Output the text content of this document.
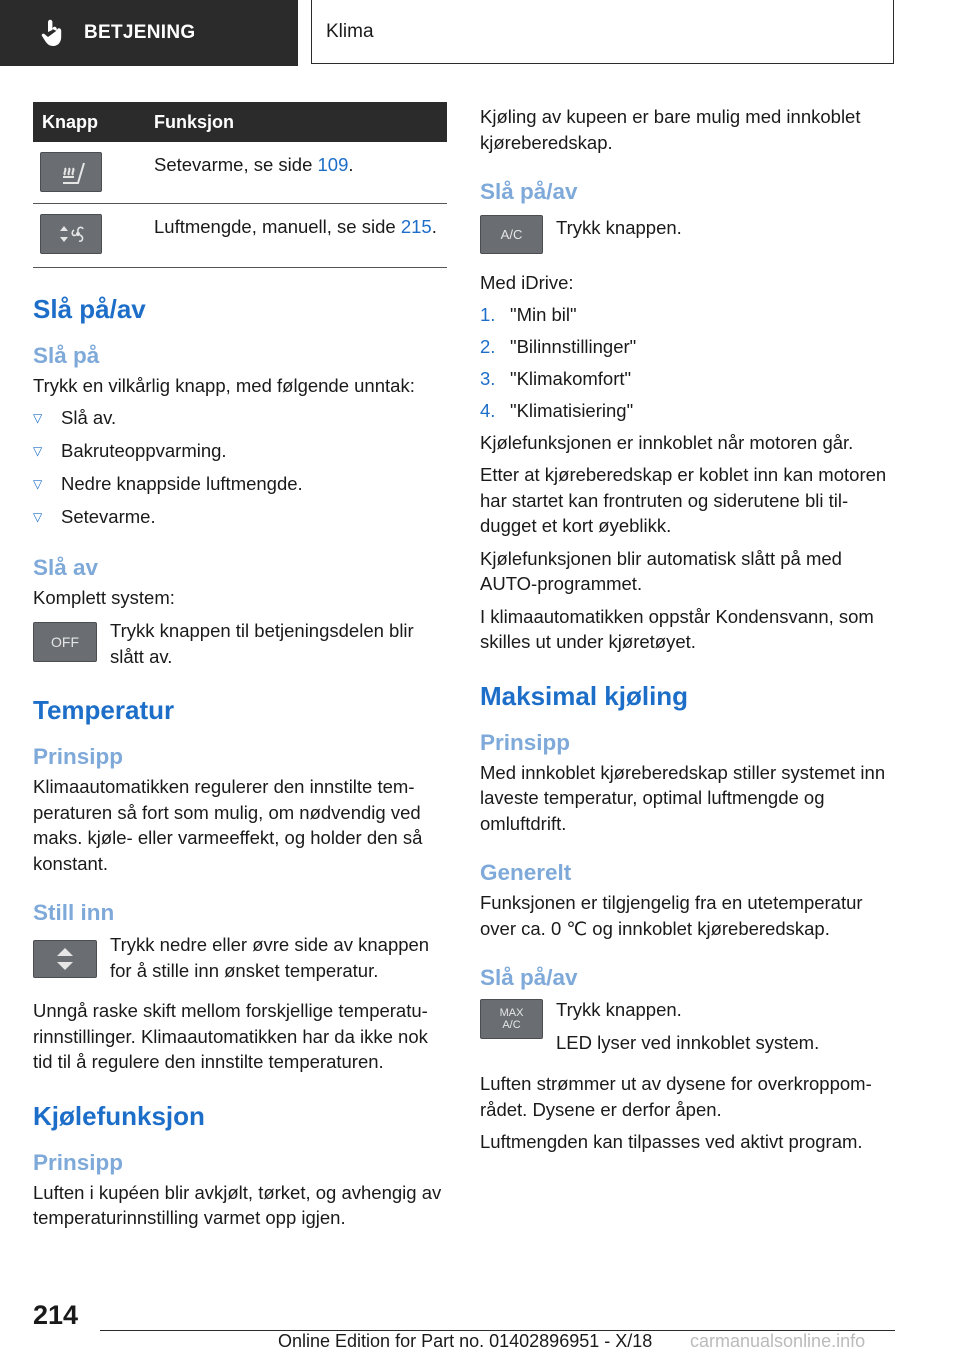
BETJENING	Klima
Knapp	Funksjon

	Setevarme, se side 109.

	Luftmengde, manuell, se side 215.
Slå på/av
Slå på

Trykk en vilkårlig knapp, med følgende unntak:

▽	Slå av.
▽	Bakruteoppvarming.
▽	Nedre knappside luftmengde.
▽	Setevarme.
Slå av

Komplett system:

OFF

Trykk knappen til betjeningsdelen blir slått av.

Temperatur
Prinsipp

Klimaautomatikken regulerer den innstilte temperaturen så fort som mulig, om nødvendig ved maks. kjøle- eller varmeeffekt, og holder den så konstant.

Still inn

Trykk nedre eller øvre side av knappen for å stille inn ønsket temperatur.

Unngå raske skift mellom forskjellige temperaturinnstillinger. Klimaautomatikken har da ikke nok tid til å regulere den innstilte temperaturen.

Kjølefunksjon
Prinsipp

Luften i kupéen blir avkjølt, tørket, og avhengig av temperaturinnstilling varmet opp igjen.

Kjøling av kupeen er bare mulig med innkoblet kjøreberedskap.

Slå på/av
A/C Trykk knappen.

Med iDrive:

1. "Min bil"
2. "Bilinnstillinger"
3. "Klimakomfort"
4. "Klimatisiering"

Kjølefunksjonen er innkoblet når motoren går.

Etter at kjøreberedskap er koblet inn kan motoren har startet kan frontruten og siderutene bli tildugget et kort øyeblikk.

Kjølefunksjonen blir automatisk slått på med AUTO-programmet.

I klimaautomatikken oppstår Kondensvann, som skilles ut under kjøretøyet.

Maksimal kjøling
Prinsipp

Med innkoblet kjøreberedskap stiller systemet inn laveste temperatur, optimal luftmengde og omluftdrift.

Generelt

Funksjonen er tilgjengelig fra en utetemperatur over ca. 0 ℃ og innkoblet kjøreberedskap.

Slå på/av
MAX
A/C

Trykk knappen.

LED lyser ved innkoblet system.

Luften strømmer ut av dysene for overkroppområdet. Dysene er derfor åpen.

Luftmengden kan tilpasses ved aktivt program.

214
Online Edition for Part no. 01402896951 - X/18 carmanualsonline.info
